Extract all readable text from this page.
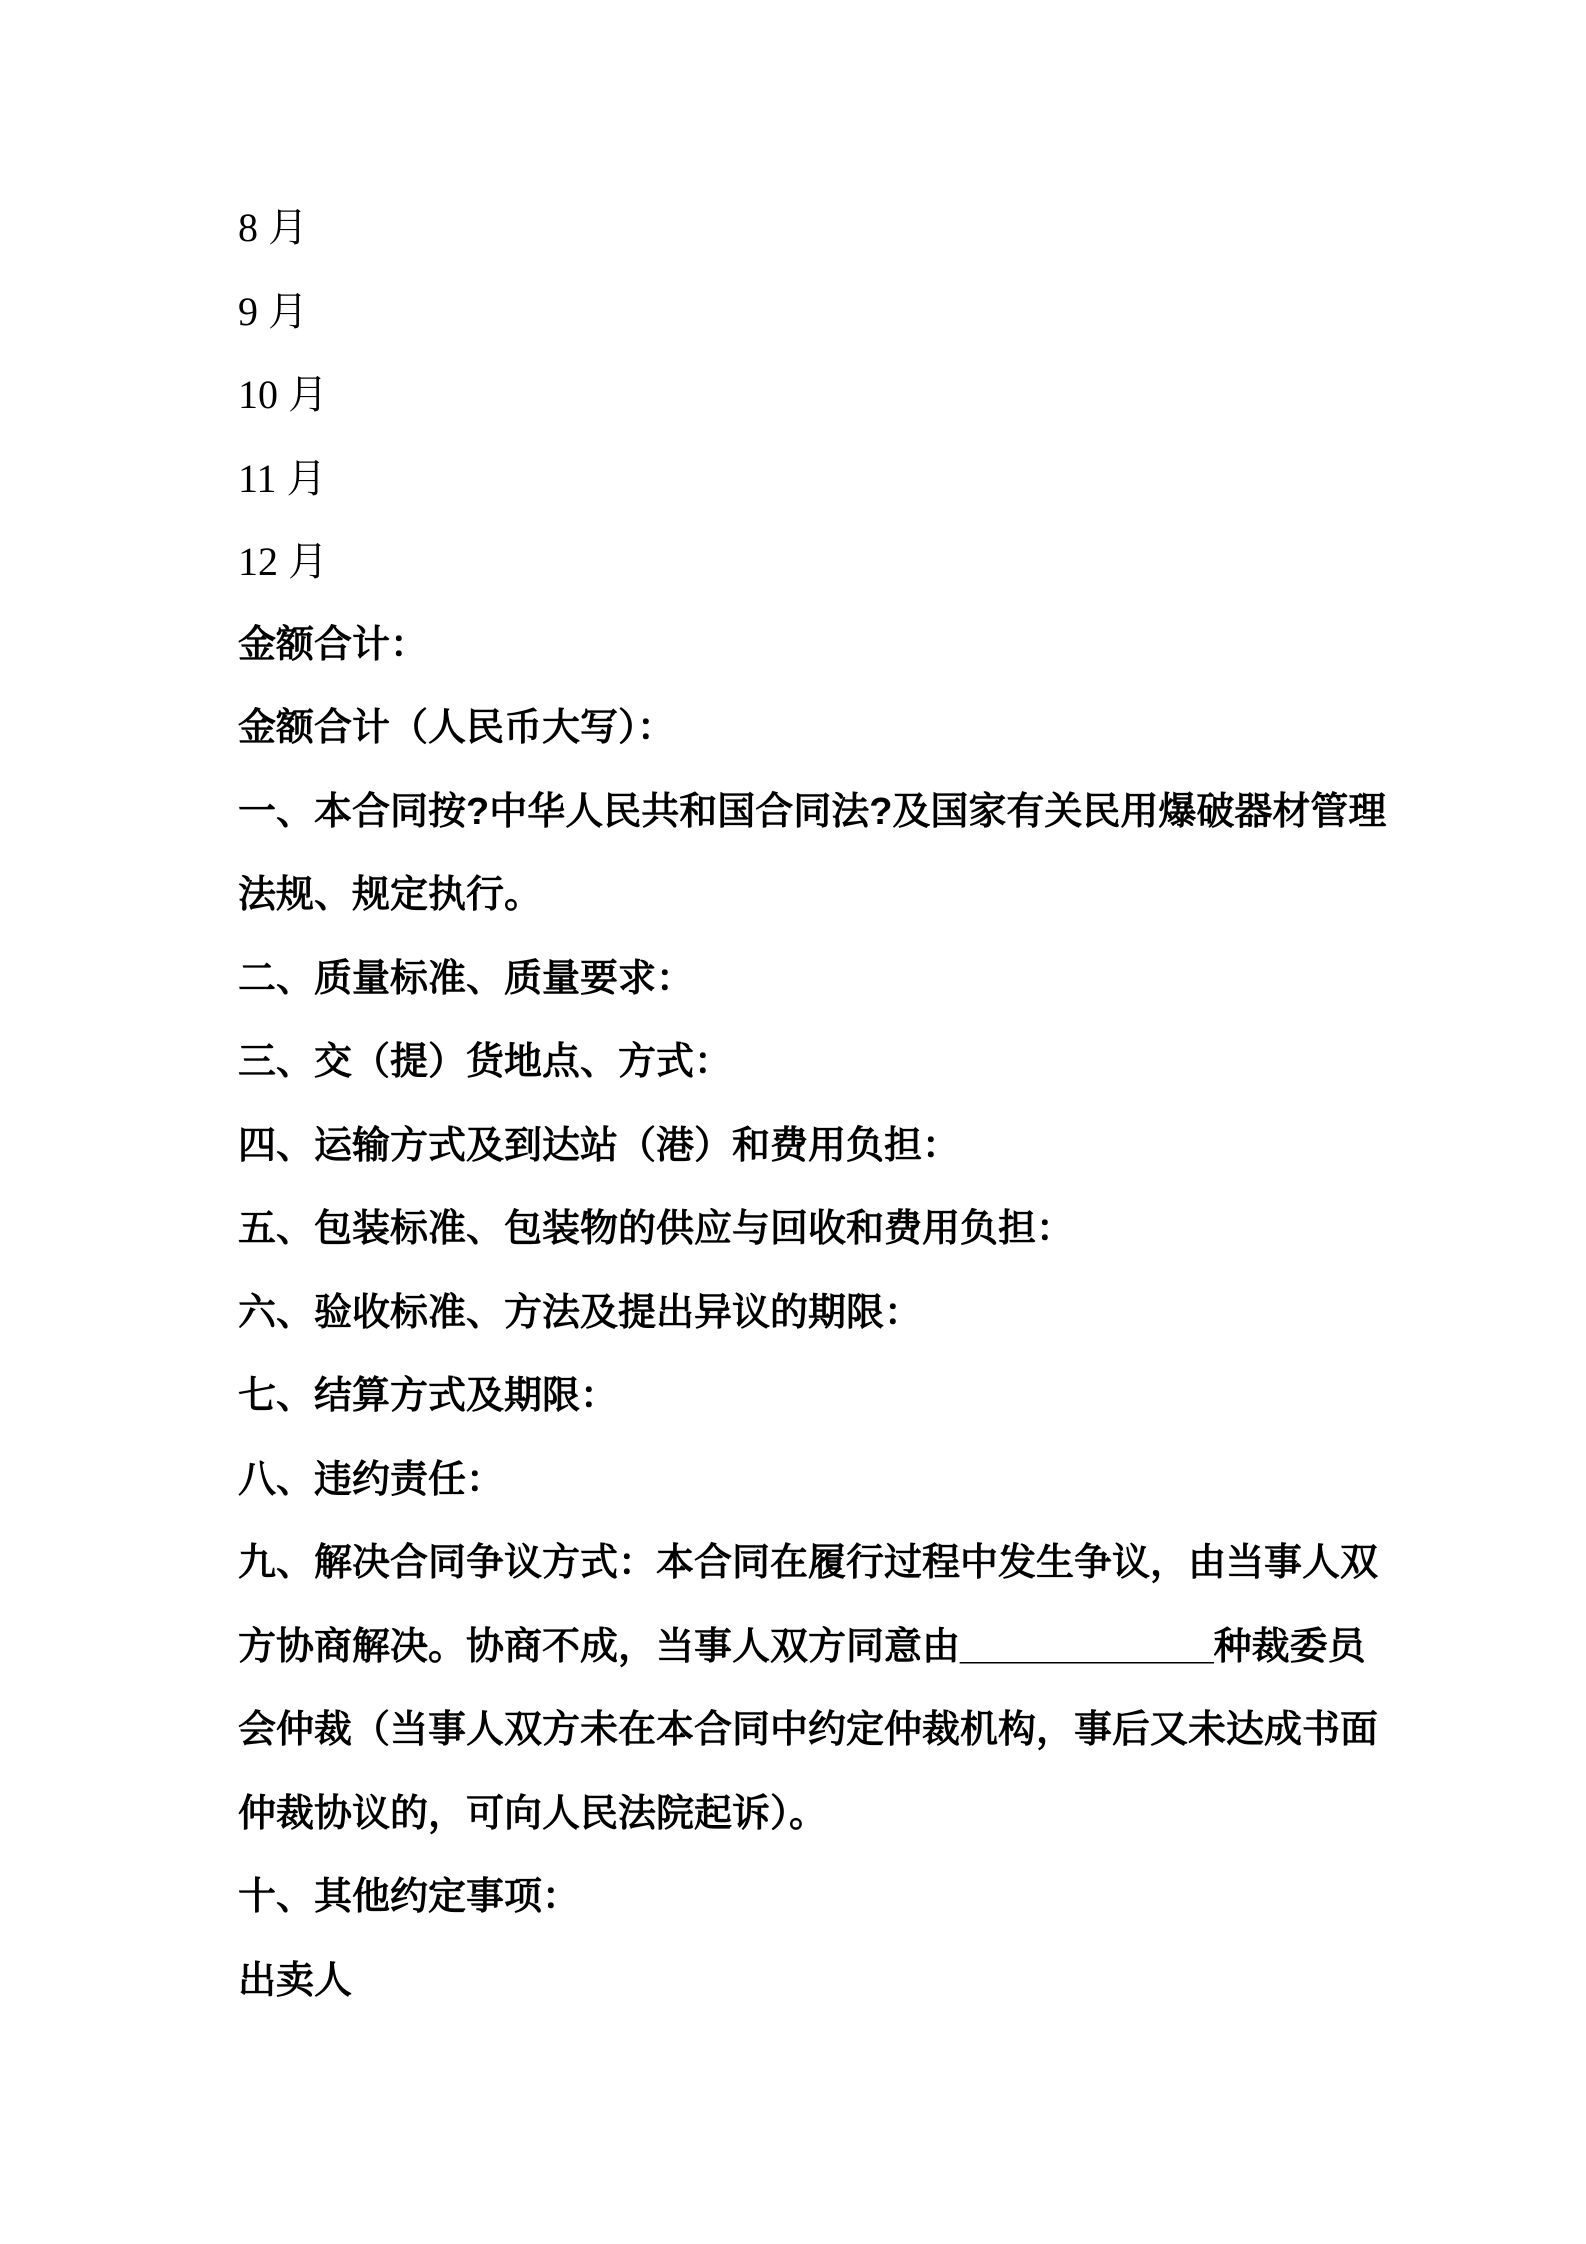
8 月
9 月
10 月
11 月
12 月
金额合计：
金额合计（人民币大写）：
一、本合同按?中华人民共和国合同法?及国家有关民用爆破器材管理
法规、规定执行。
二、质量标准、质量要求：
三、交（提）货地点、方式：
四、运输方式及到达站（港）和费用负担：
五、包装标准、包装物的供应与回收和费用负担：
六、验收标准、方法及提出异议的期限：
七、结算方式及期限：
八、违约责任：
九、解决合同争议方式：本合同在履行过程中发生争议，由当事人双
方协商解决。协商不成，当事人双方同意由____________种裁委员
会仲裁（当事人双方未在本合同中约定仲裁机构，事后又未达成书面
仲裁协议的，可向人民法院起诉）。
十、其他约定事项：
出卖人
